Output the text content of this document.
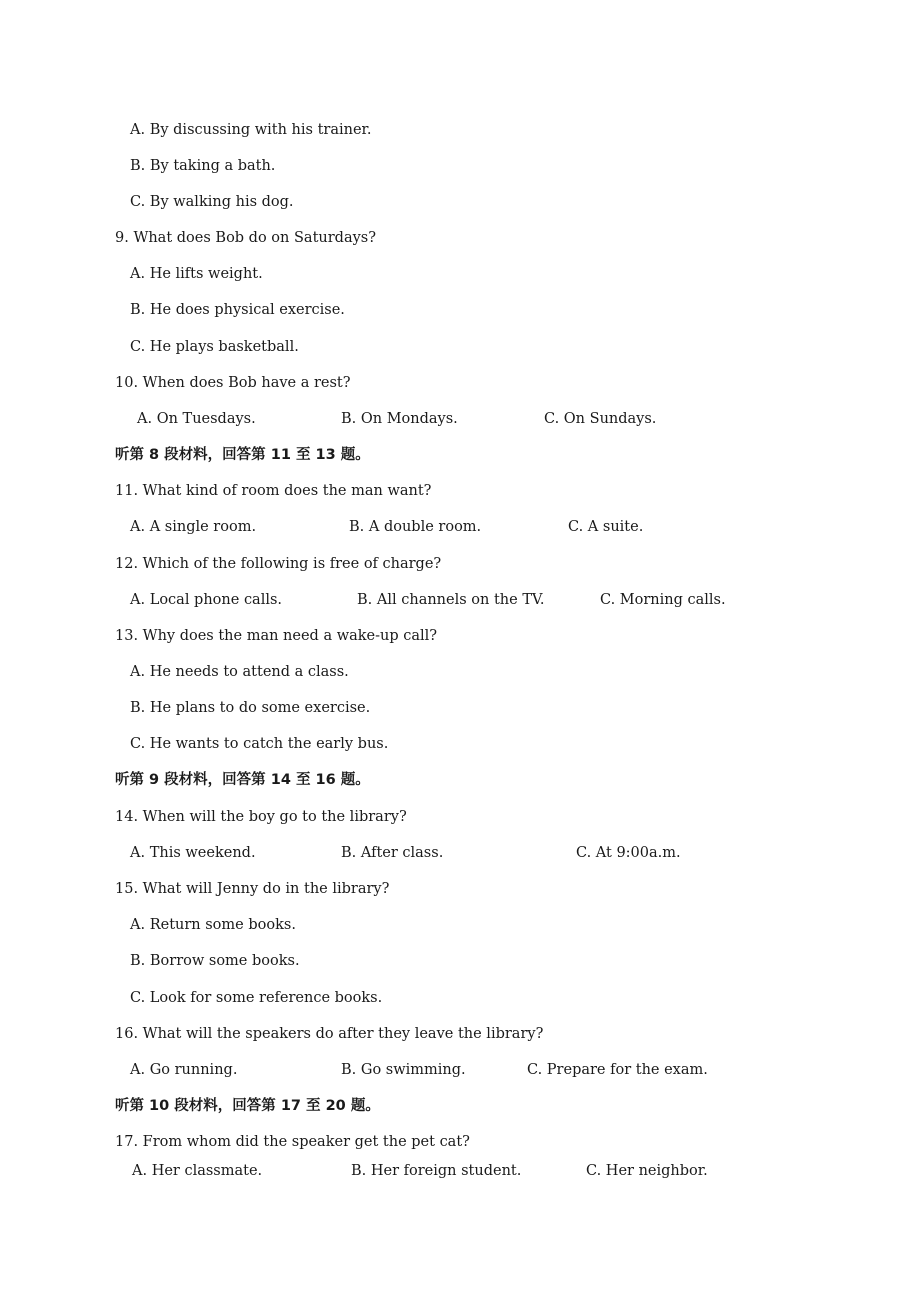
A. By discussing with his trainer.
B. By taking a bath.
C. By walking his dog.
9. What does Bob do on Saturdays?
A. He lifts weight.
B. He does physical exercise.
C. He plays basketball.
10. When does Bob have a rest?
A. On Tuesdays.	B. On Mondays.	C. On Sundays.
听第 8 段材料，回答第 11 至 13 题。
11. What kind of room does the man want?
A. A single room.	B. A double room.	C. A suite.
12. Which of the following is free of charge?
A. Local phone calls.	B. All channels on the TV.	C. Morning calls.
13. Why does the man need a wake-up call?
A. He needs to attend a class.
B. He plans to do some exercise.
C. He wants to catch the early bus.
听第 9 段材料，回答第 14 至 16 题。
14. When will the boy go to the library?
A. This weekend.	B. After class.	C. At 9:00a.m.
15. What will Jenny do in the library?
A. Return some books.
B. Borrow some books.
C. Look for some reference books.
16. What will the speakers do after they leave the library?
A. Go running.	B. Go swimming.	C. Prepare for the exam.
听第 10 段材料，回答第 17 至 20 题。
17. From whom did the speaker get the pet cat?
A. Her classmate.	B. Her foreign student.	C. Her neighbor.
